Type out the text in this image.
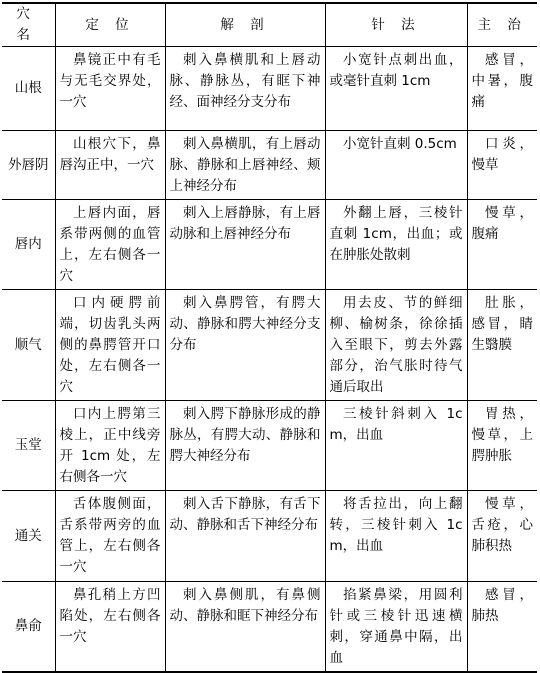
穴 名	定 位	解 剖	针 法	主 治
山根	鼻镜正中有毛与无毛交界处，一穴	刺入鼻横肌和上唇动脉、静脉丛，有眶下神经、面神经分支分布	小宽针点刺出血，或毫针直刺 1cm	感冒，中暑，腹痛
外唇阴	山根穴下，鼻唇沟正中，一穴	刺入鼻横肌，有上唇动脉、静脉和上唇神经、颊上神经分布	小宽针直刺 0.5cm	口炎，慢草
唇内	上唇内面，唇系带两侧的血管上，左右侧各一穴	刺入上唇静脉，有上唇动脉和上唇神经分布	外翻上唇，三棱针直刺 1cm，出血；或在肿胀处散刺	慢草，腹痛
顺气	口内硬腭前端，切齿乳头两侧的鼻腭管开口处，左右侧各一穴	刺入鼻腭管，有腭大动、静脉和腭大神经分支分布	用去皮、节的鲜细柳、榆树条，徐徐插入至眼下，剪去外露部分，治气胀时待气通后取出	肚胀，感冒，睛生翳膜
玉堂	口内上腭第三棱上，正中线旁开 1cm 处，左右侧各一穴	刺入腭下静脉形成的静脉丛，有腭大动、静脉和腭大神经分布	三棱针斜刺入 1cm，出血	胃热，慢草，上腭肿胀
通关	舌体腹侧面，舌系带两旁的血管上，左右侧各一穴	刺入舌下静脉，有舌下动、静脉和舌下神经分布	将舌拉出，向上翻转，三棱针刺入 1cm，出血	慢草，舌疮，心肺积热
鼻俞	鼻孔稍上方凹陷处，左右侧各一穴	刺入鼻侧肌，有鼻侧动、静脉和眶下神经分布	掐紧鼻梁，用圆利针或三棱针迅速横刺，穿通鼻中隔，出血	感冒，肺热
